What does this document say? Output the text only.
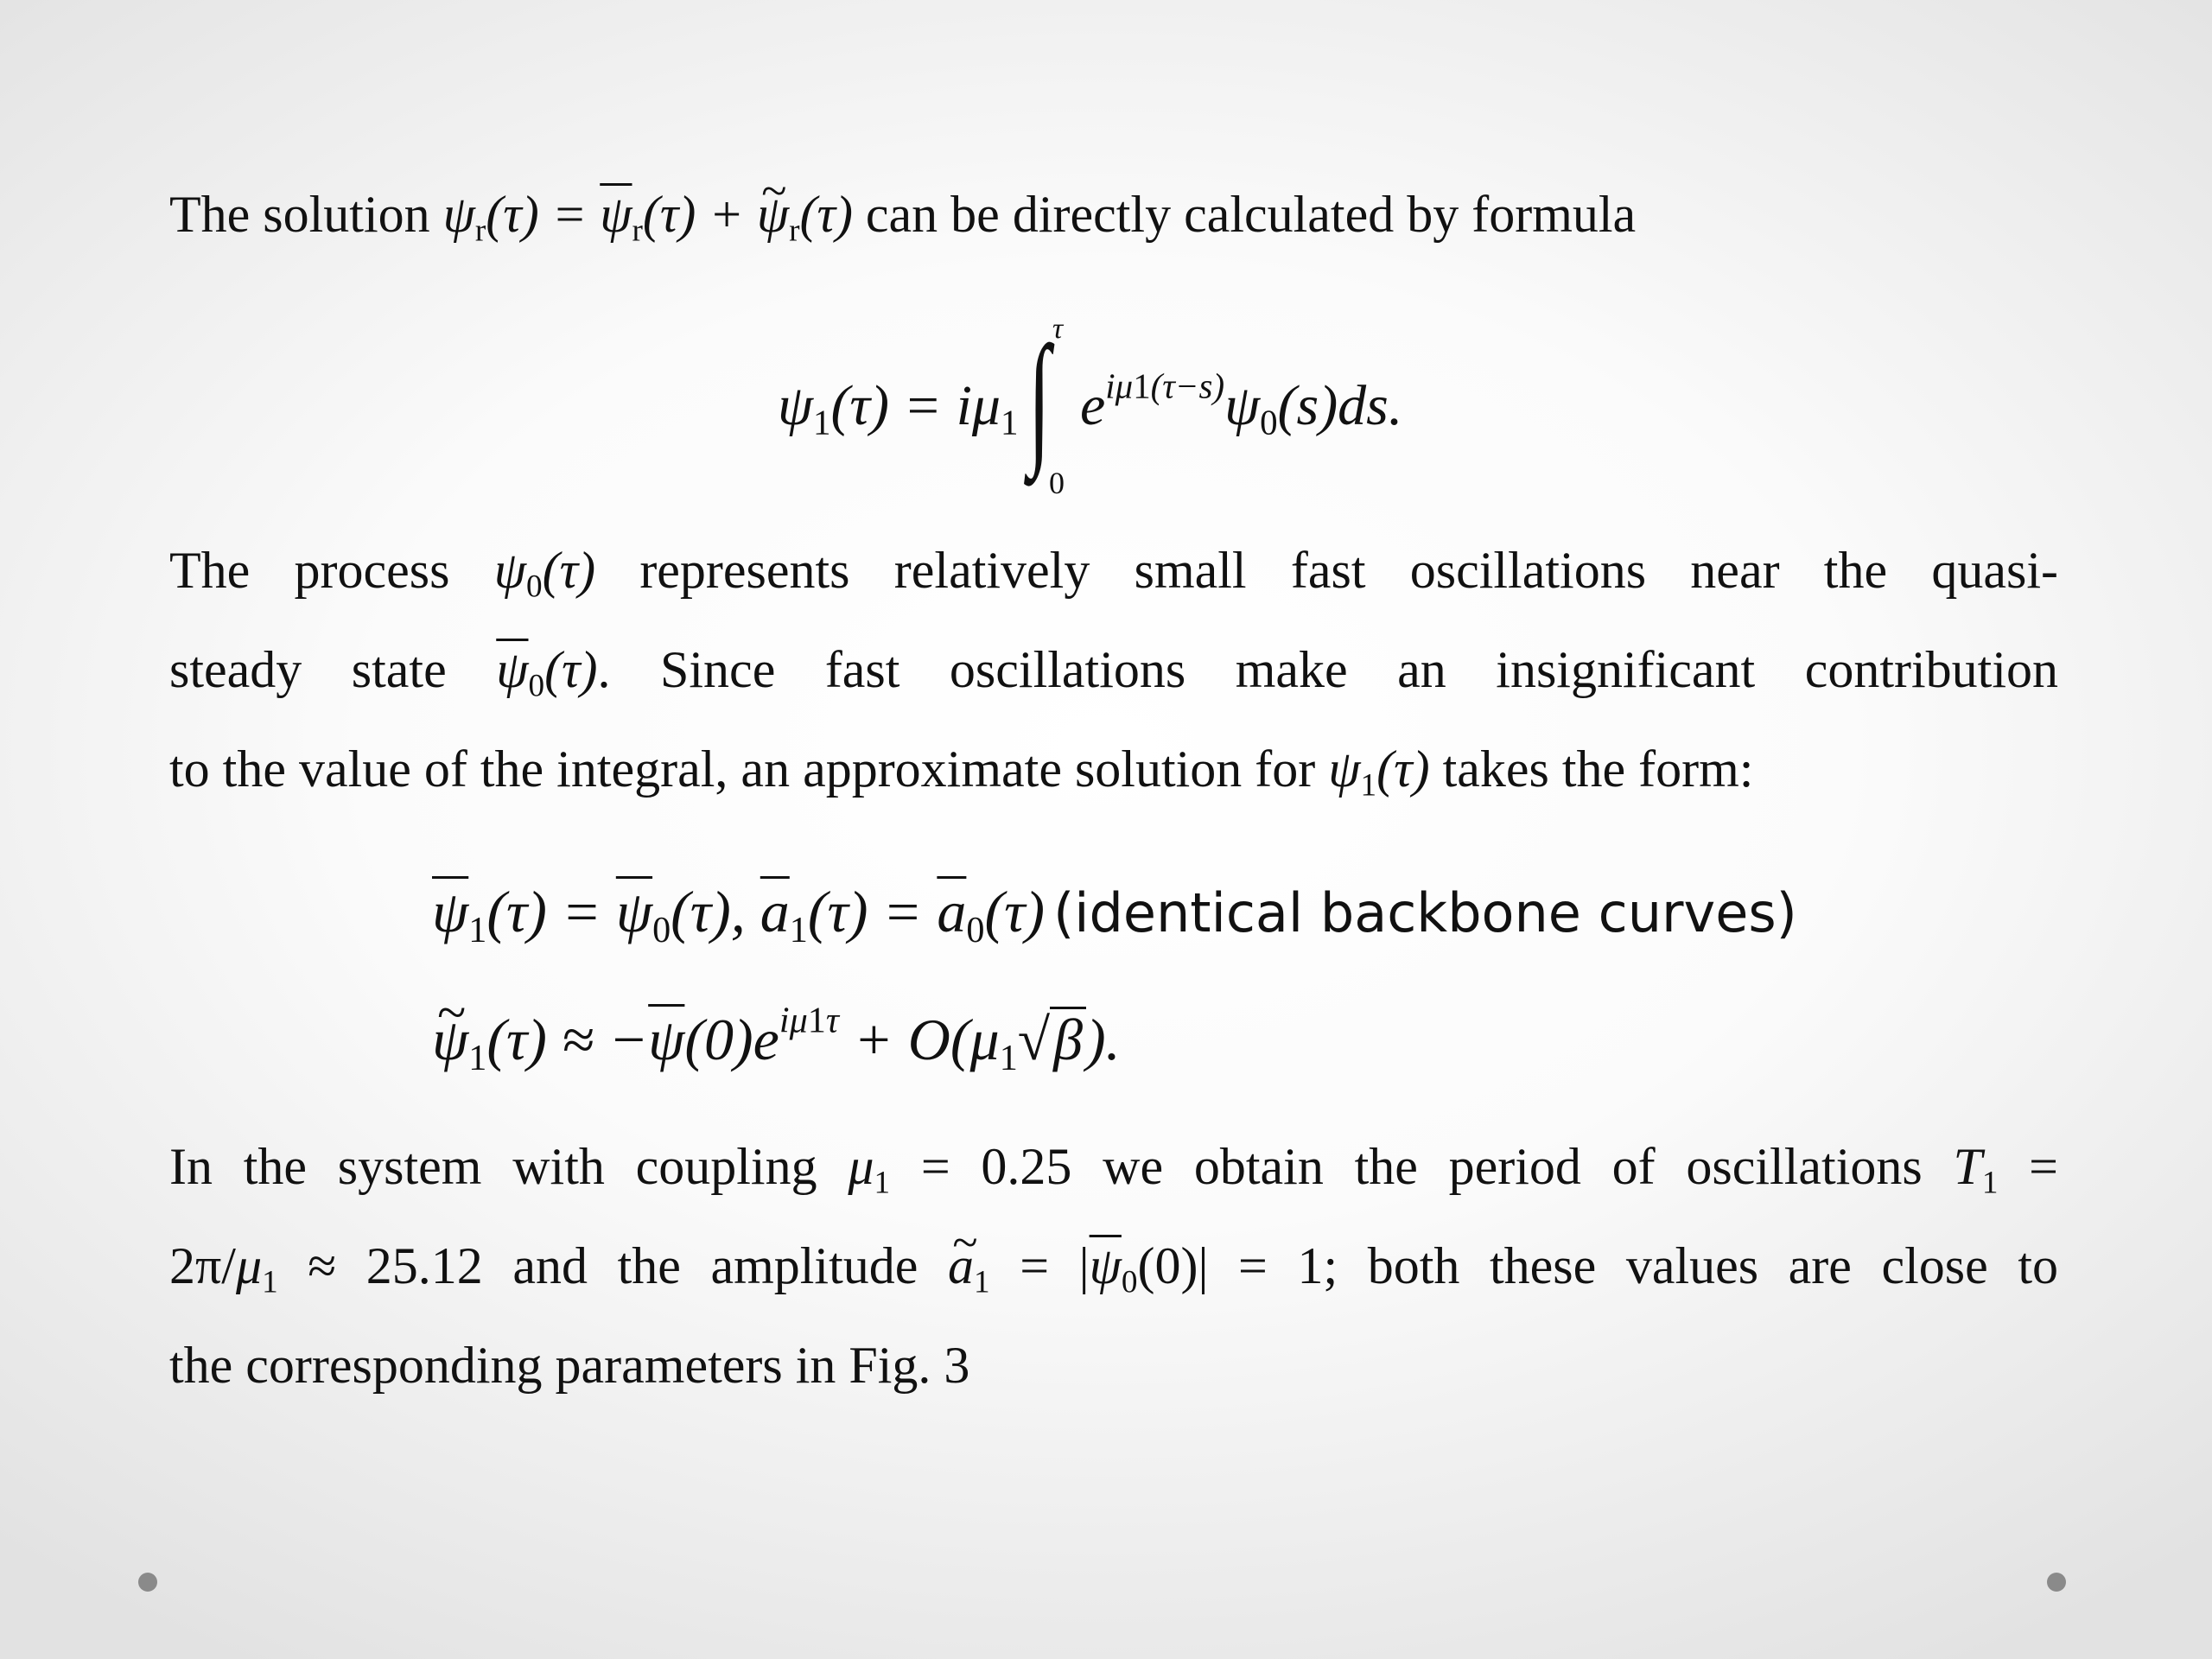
The solution $\psi_r(\tau) = \overline{\psi}_r(\tau)$ + ~ $\psi_r(\tau)$ can be directly calculated by formula
$\psi_1(\tau) = i\mu_1$ ∫ τ
0
$e^{i\mu 1(\tau-s)}\psi_0(s)ds$.
The process $\psi_0(\tau)$ represents relatively small fast oscillations near the quasi-
steady state $\overline{\psi}_0(\tau)$. Since fast oscillations make an insignificant contribution
to the value of the integral, an approximate solution for $\psi_1(\tau)$ takes the form:
$\overline{\psi}_1(\tau) = \overline{\psi}_0(\tau)$, $\overline{a}_1(\tau) = \overline{a}_0(\tau)$ (identical backbone curves)
~ $\psi_1(\tau) \approx -\overline{\psi}(0)e^{i\mu 1\tau} + O(\mu_1√\beta)$.
In the system with coupling $\mu_1 = 0.25$ we obtain the period of oscillations $T_1$ =
$2\pi/\mu_1 \approx 25.12$ and the amplitude ~ $a_1 = |\overline{\psi}_0(0)| = 1$; both these values are close to
the corresponding parameters in Fig. 3
